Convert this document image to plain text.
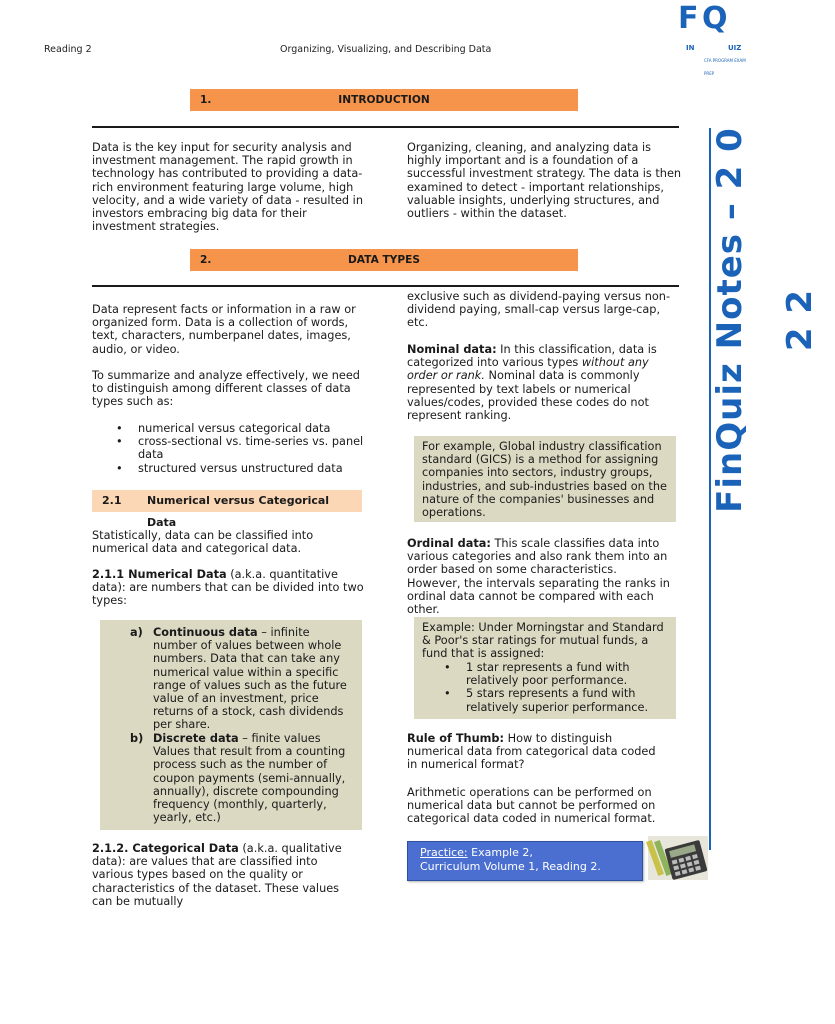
Reading 2	Organizing, Visualizing, and Describing Data
F
IN
Q
UIZ
CFA PROGRAM EXAM PREP
FinQuiz Notes – 2 0 2 2
1.	INTRODUCTION

Data is the key input for security analysis and investment management. The rapid growth in technology has contributed to providing a data-rich environment featuring large volume, high velocity, and a wide variety of data - resulted in investors embracing big data for their investment strategies.

Organizing, cleaning, and analyzing data is highly important and is a foundation of a successful investment strategy. The data is then examined to detect - important relationships, valuable insights, underlying structures, and outliers - within the dataset.

2.	DATA TYPES

Data represent facts or information in a raw or organized form. Data is a collection of words, text, characters, numberpanel dates, images, audio, or video.

To summarize and analyze effectively, we need to distinguish among different classes of data types such as:

• numerical versus categorical data
• cross-sectional vs. time-series vs. panel data
• structured versus unstructured data
2.1 Numerical versus Categorical Data

Statistically, data can be classified into numerical data and categorical data.

2.1.1 Numerical Data (a.k.a. quantitative data): are numbers that can be divided into two types:

a) Continuous data – infinite number of values between whole numbers. Data that can take any numerical value within a specific range of values such as the future value of an investment, price returns of a stock, cash dividends per share.

b) Discrete data – finite values
Values that result from a counting process such as the number of coupon payments (semi-annually, annually), discrete compounding frequency (monthly, quarterly, yearly, etc.)

2.1.2. Categorical Data (a.k.a. qualitative data): are values that are classified into various types based on the quality or characteristics of the dataset. These values can be mutually

exclusive such as dividend-paying versus non-dividend paying, small-cap versus large-cap, etc.

Nominal data: In this classification, data is categorized into various types without any order or rank. Nominal data is commonly represented by text labels or numerical values/codes, provided these codes do not represent ranking.

For example, Global industry classification standard (GICS) is a method for assigning companies into sectors, industry groups, industries, and sub-industries based on the nature of the companies' businesses and operations.

Ordinal data: This scale classifies data into various categories and also rank them into an order based on some characteristics. However, the intervals separating the ranks in ordinal data cannot be compared with each other.

Example: Under Morningstar and Standard & Poor's star ratings for mutual funds, a fund that is assigned:

• 1 star represents a fund with relatively poor performance.
• 5 stars represents a fund with relatively superior performance.

Rule of Thumb: How to distinguish numerical data from categorical data coded in numerical format?

Arithmetic operations can be performed on numerical data but cannot be performed on categorical data coded in numerical format.

Practice: Example 2,
Curriculum Volume 1, Reading 2.
